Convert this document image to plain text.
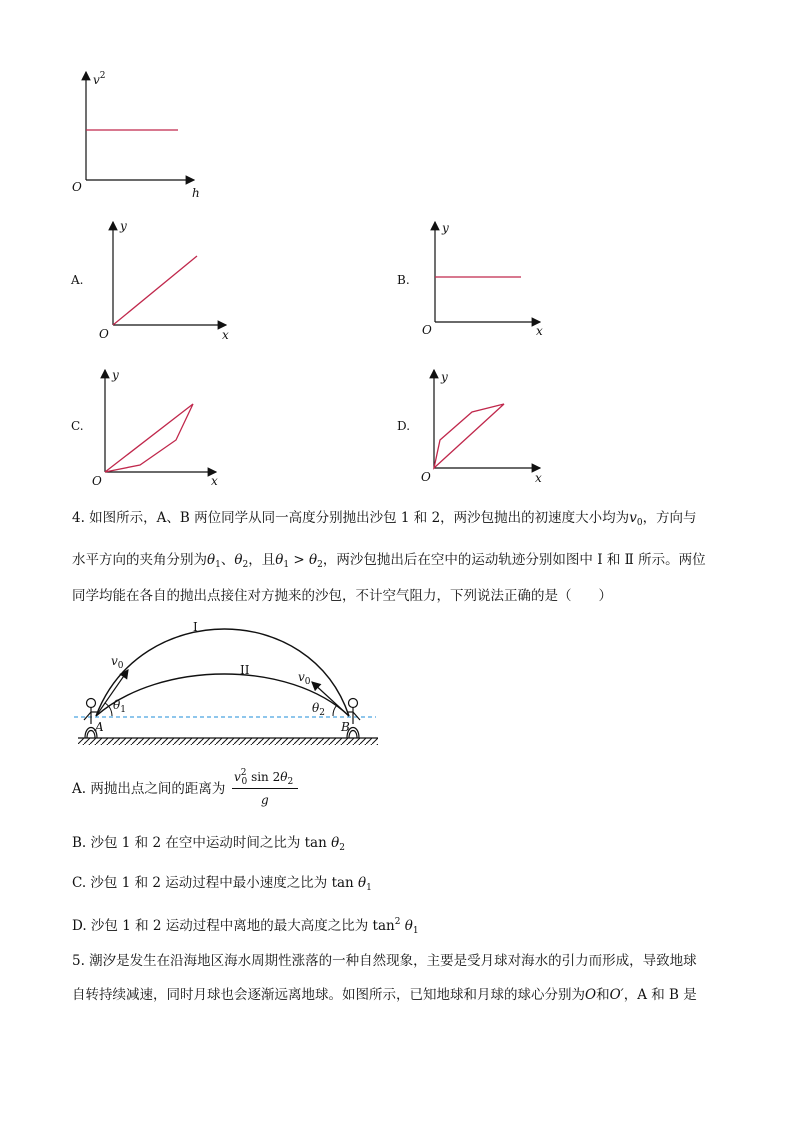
$v^2$
h
O
A.
y
x
O
B.
y
x
O
C.
y
x
O
D.
y
x
O
4. 如图所示，A、B 两位同学从同一高度分别抛出沙包 1 和 2，两沙包抛出的初速度大小均为$v_0$，方向与
水平方向的夹角分别为$\theta_1$、$\theta_2$，且$\theta_1 > \theta_2$，两沙包抛出后在空中的运动轨迹分别如图中 Ⅰ 和 Ⅱ 所示。两位
同学均能在各自的抛出点接住对方抛来的沙包，不计空气阻力，下列说法正确的是（　　）
I
II
$v_0$
$v_0$
$\theta_1$	$\theta_2$
A	B
A. 两抛出点之间的距离为
$v^2_0$ $\sin 2\theta_2$
g
B. 沙包 1 和 2 在空中运动时间之比为 $\tan \theta_2$
C. 沙包 1 和 2 运动过程中最小速度之比为 $\tan \theta_1$
D. 沙包 1 和 2 运动过程中离地的最大高度之比为 $\tan^2 \theta_1$
5. 潮汐是发生在沿海地区海水周期性涨落的一种自然现象，主要是受月球对海水的引力而形成，导致地球
自转持续减速，同时月球也会逐渐远离地球。如图所示，已知地球和月球的球心分别为O和O′，A 和 B 是
